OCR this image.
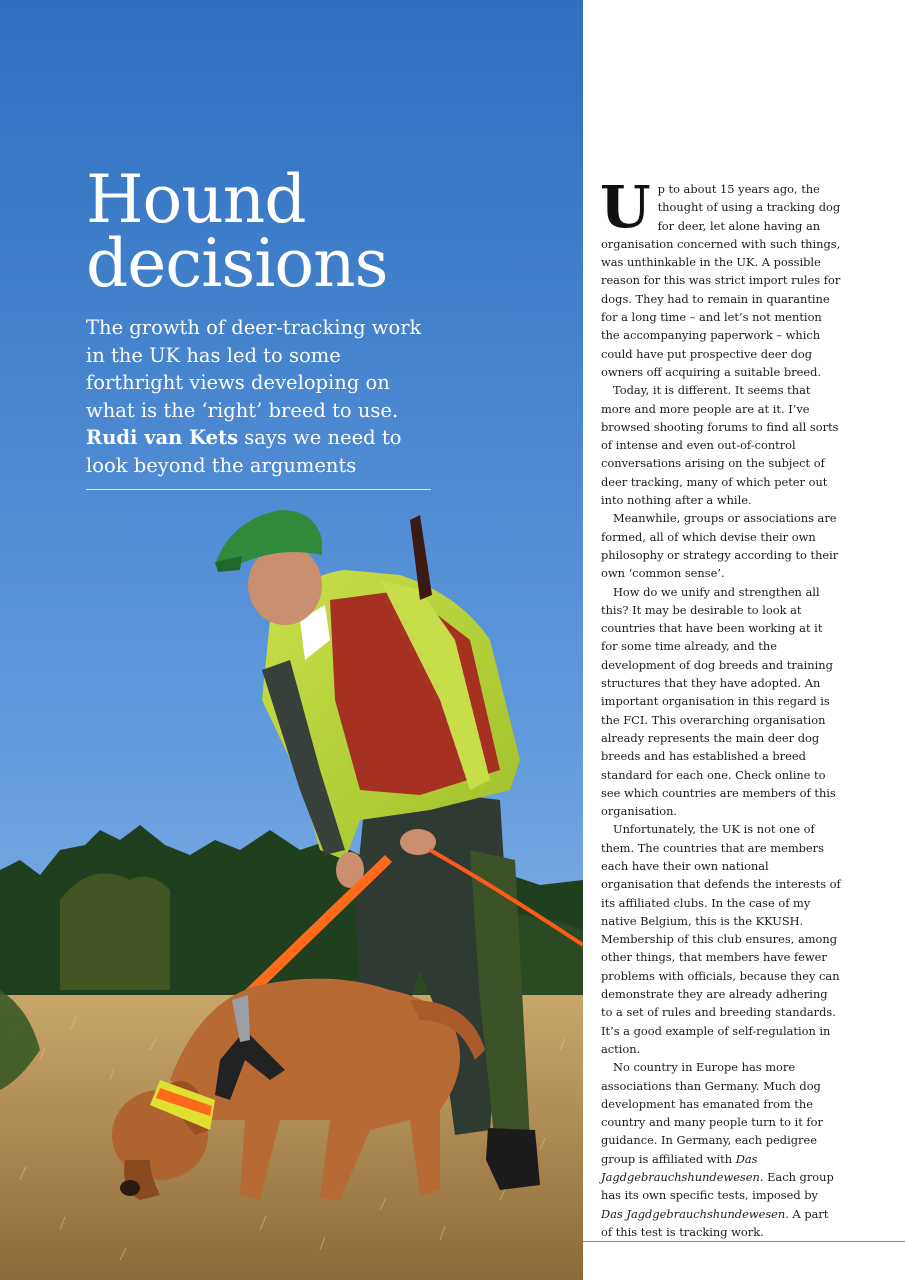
Hound
decisions
The growth of deer-tracking work in the UK has led to some forthright views developing on what is the ‘right’ breed to use. Rudi van Kets says we need to look beyond the arguments

Up to about 15 years ago, the thought of using a tracking dog for deer, let alone having an organisation concerned with such things, was unthinkable in the UK. A possible reason for this was strict import rules for dogs. They had to remain in quarantine for a long time – and let’s not mention the accompanying paperwork – which could have put prospective deer dog owners off acquiring a suitable breed.

Today, it is different. It seems that more and more people are at it. I’ve browsed shooting forums to find all sorts of intense and even out-of-control conversations arising on the subject of deer tracking, many of which peter out into nothing after a while.

Meanwhile, groups or associations are formed, all of which devise their own philosophy or strategy according to their own ‘common sense’.

How do we unify and strengthen all this? It may be desirable to look at countries that have been working at it for some time already, and the development of dog breeds and training structures that they have adopted. An important organisation in this regard is the FCI. This overarching organisation already represents the main deer dog breeds and has established a breed standard for each one. Check online to see which countries are members of this organisation.

Unfortunately, the UK is not one of them. The countries that are members each have their own national organisation that defends the interests of its affiliated clubs. In the case of my native Belgium, this is the KKUSH. Membership of this club ensures, among other things, that members have fewer problems with officials, because they can demonstrate they are already adhering to a set of rules and breeding standards. It’s a good example of self-regulation in action.

No country in Europe has more associations than Germany. Much dog development has emanated from the country and many people turn to it for guidance. In Germany, each pedigree group is affiliated with Das Jagdgebrauchshundewesen. Each group has its own specific tests, imposed by Das Jagdgebrauchshundewesen. A part of this test is tracking work.
